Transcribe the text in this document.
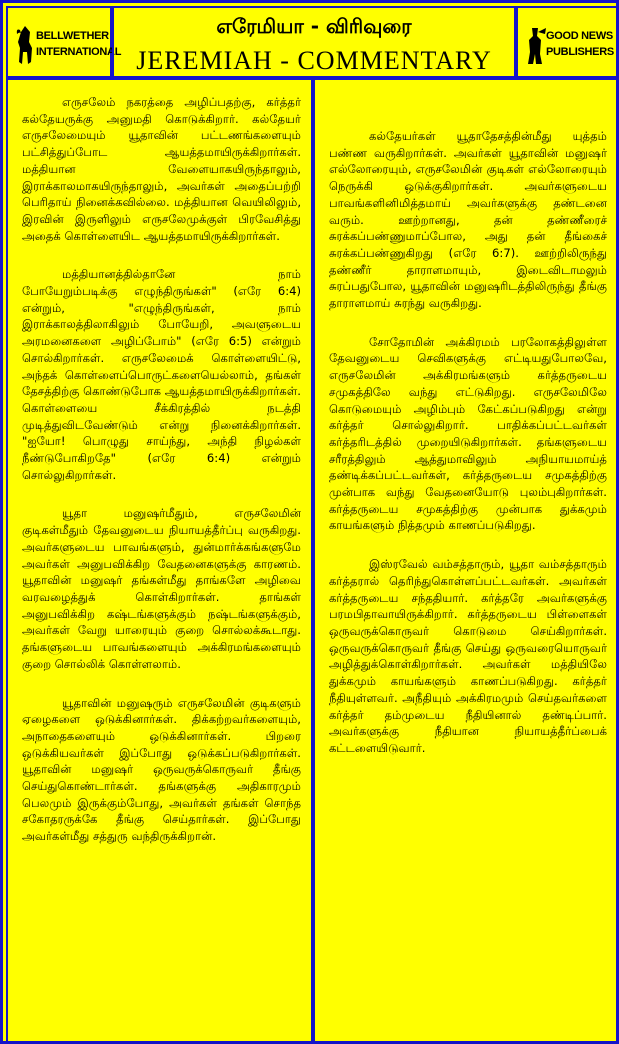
BELLWETHER
INTERNATIONAL
எரேமியா - விரிவுரை
JEREMIAH - COMMENTARY
GOOD NEWS
PUBLISHERS

எருசலேம் நகரத்தை அழிப்பதற்கு, கர்த்தர் கல்தேயருக்கு அனுமதி கொடுக்கிறார். கல்தேயர் எருசலேமையும் யூதாவின் பட்டணங்களையும் பட்சித்துப்போட ஆயத்தமாயிருக்கிறார்கள். மத்தியான வேளையாகயிருந்தாலும், இராக்காலமாகயிருந்தாலும், அவர்கள் அதைப்பற்றி பெரிதாய் நினைக்கவில்லை. மத்தியான வெயிலிலும், இரவின் இருளிலும் எருசலேமுக்குள் பிரவேசித்து அதைக் கொள்ளையிட ஆயத்தமாயிருக்கிறார்கள்.

மத்தியானத்தில்தானே நாம் போயேறும்படிக்கு எழுந்திருங்கள்" (எரே 6:4) என்றும், "எழுந்திருங்கள், நாம் இராக்காலத்திலாகிலும் போயேறி, அவளுடைய அரமனைகளை அழிப்போம்" (எரே 6:5) என்றும் சொல்கிறார்கள். எருசலேமைக் கொள்ளையிட்டு, அந்தக் கொள்ளைப்பொருட்களையெல்லாம், தங்கள் தேசத்திற்கு கொண்டுபோக ஆயத்தமாயிருக்கிறார்கள். கொள்ளையை சீக்கிரத்தில் நடத்தி முடித்துவிடவேண்டும் என்று நினைக்கிறார்கள். "ஐயோ! பொழுது சாய்ந்து, அந்தி நிழல்கள் நீண்டுபோகிறதே" (எரே 6:4) என்றும் சொல்லுகிறார்கள்.

யூதா மனுஷர்மீதும், எருசலேமின் குடிகள்மீதும் தேவனுடைய நியாயத்தீர்ப்பு வருகிறது. அவர்களுடைய பாவங்களும், துன்மார்க்கங்களுமே அவர்கள் அனுபவிக்கிற வேதனைகளுக்கு காரணம். யூதாவின் மனுஷர் தங்கள்மீது தாங்களே அழிவை வரவழைத்துக் கொள்கிறார்கள். தாங்கள் அனுபவிக்கிற கஷ்டங்களுக்கும் நஷ்டங்களுக்கும், அவர்கள் வேறு யாரையும் குறை சொல்லக்கூடாது. தங்களுடைய பாவங்களையும் அக்கிரமங்களையும் குறை சொல்லிக் கொள்ளலாம்.

யூதாவின் மனுஷரும் எருசலேமின் குடிகளும் ஏழைகளை ஒடுக்கினார்கள். திக்கற்றவர்களையும், அநாதைகளையும் ஒடுக்கினார்கள். பிறரை ஒடுக்கியவர்கள் இப்போது ஒடுக்கப்படுகிறார்கள். யூதாவின் மனுஷர் ஒருவருக்கொருவர் தீங்கு செய்துகொண்டார்கள். தங்களுக்கு அதிகாரமும் பெலமும் இருக்கும்போது, அவர்கள் தங்கள் சொந்த சகோதரருக்கே தீங்கு செய்தார்கள். இப்போது அவர்கள்மீது சத்துரு வந்திருக்கிறான்.

கல்தேயர்கள் யூதாதேசத்தின்மீது யுத்தம் பண்ண வருகிறார்கள். அவர்கள் யூதாவின் மனுஷர் எல்லோரையும், எருசலேமின் குடிகள் எல்லோரையும் நெருக்கி ஒடுக்குகிறார்கள். அவர்களுடைய பாவங்களினிமித்தமாய் அவர்களுக்கு தண்டனை வரும். ஊற்றானது, தன் தண்ணீரைச் சுரக்கப்பண்ணுமாப்போல, அது தன் தீங்கைச் சுரக்கப்பண்ணுகிறது (எரே 6:7). ஊற்றிலிருந்து தண்ணீர் தாராளமாயும், இடைவிடாமலும் சுரப்பதுபோல, யூதாவின் மனுஷரிடத்திலிருந்து தீங்கு தாராளமாய் சுரந்து வருகிறது.

சோதோமின் அக்கிரமம் பரலோகத்திலுள்ள தேவனுடைய செவிகளுக்கு எட்டியதுபோலவே, எருசலேமின் அக்கிரமங்களும் கர்த்தருடைய சமுகத்திலே வந்து எட்டுகிறது. எருசலேமிலே கொடுமையும் அழிம்பும் கேட்கப்படுகிறது என்று கர்த்தர் சொல்லுகிறார். பாதிக்கப்பட்டவர்கள் கர்த்தரிடத்தில் முறையிடுகிறார்கள். தங்களுடைய சரீரத்திலும் ஆத்துமாவிலும் அநியாயமாய்த் தண்டிக்கப்பட்டவர்கள், கர்த்தருடைய சமுகத்திற்கு முன்பாக வந்து வேதனையோடு புலம்புகிறார்கள். கர்த்தருடைய சமுகத்திற்கு முன்பாக துக்கமும் காயங்களும் நித்தமும் காணப்படுகிறது.

இஸ்ரவேல் வம்சத்தாரும், யூதா வம்சத்தாரும் கர்த்தரால் தெரிந்துகொள்ளப்பட்டவர்கள். அவர்கள் கர்த்தருடைய சந்ததியார். கர்த்தரே அவர்களுக்கு பரமபிதாவாயிருக்கிறார். கர்த்தருடைய பிள்ளைகள் ஒருவருக்கொருவர் கொடுமை செய்கிறார்கள். ஒருவருக்கொருவர் தீங்கு செய்து ஒருவரையொருவர் அழித்துக்கொள்கிறார்கள். அவர்கள் மத்தியிலே துக்கமும் காயங்களும் காணப்படுகிறது. கர்த்தர் நீதியுள்ளவர். அநீதியும் அக்கிரமமும் செய்தவர்களை கர்த்தர் தம்முடைய நீதியினால் தண்டிப்பார். அவர்களுக்கு நீதியான நியாயத்தீர்ப்பைக் கட்டளையிடுவார்.
